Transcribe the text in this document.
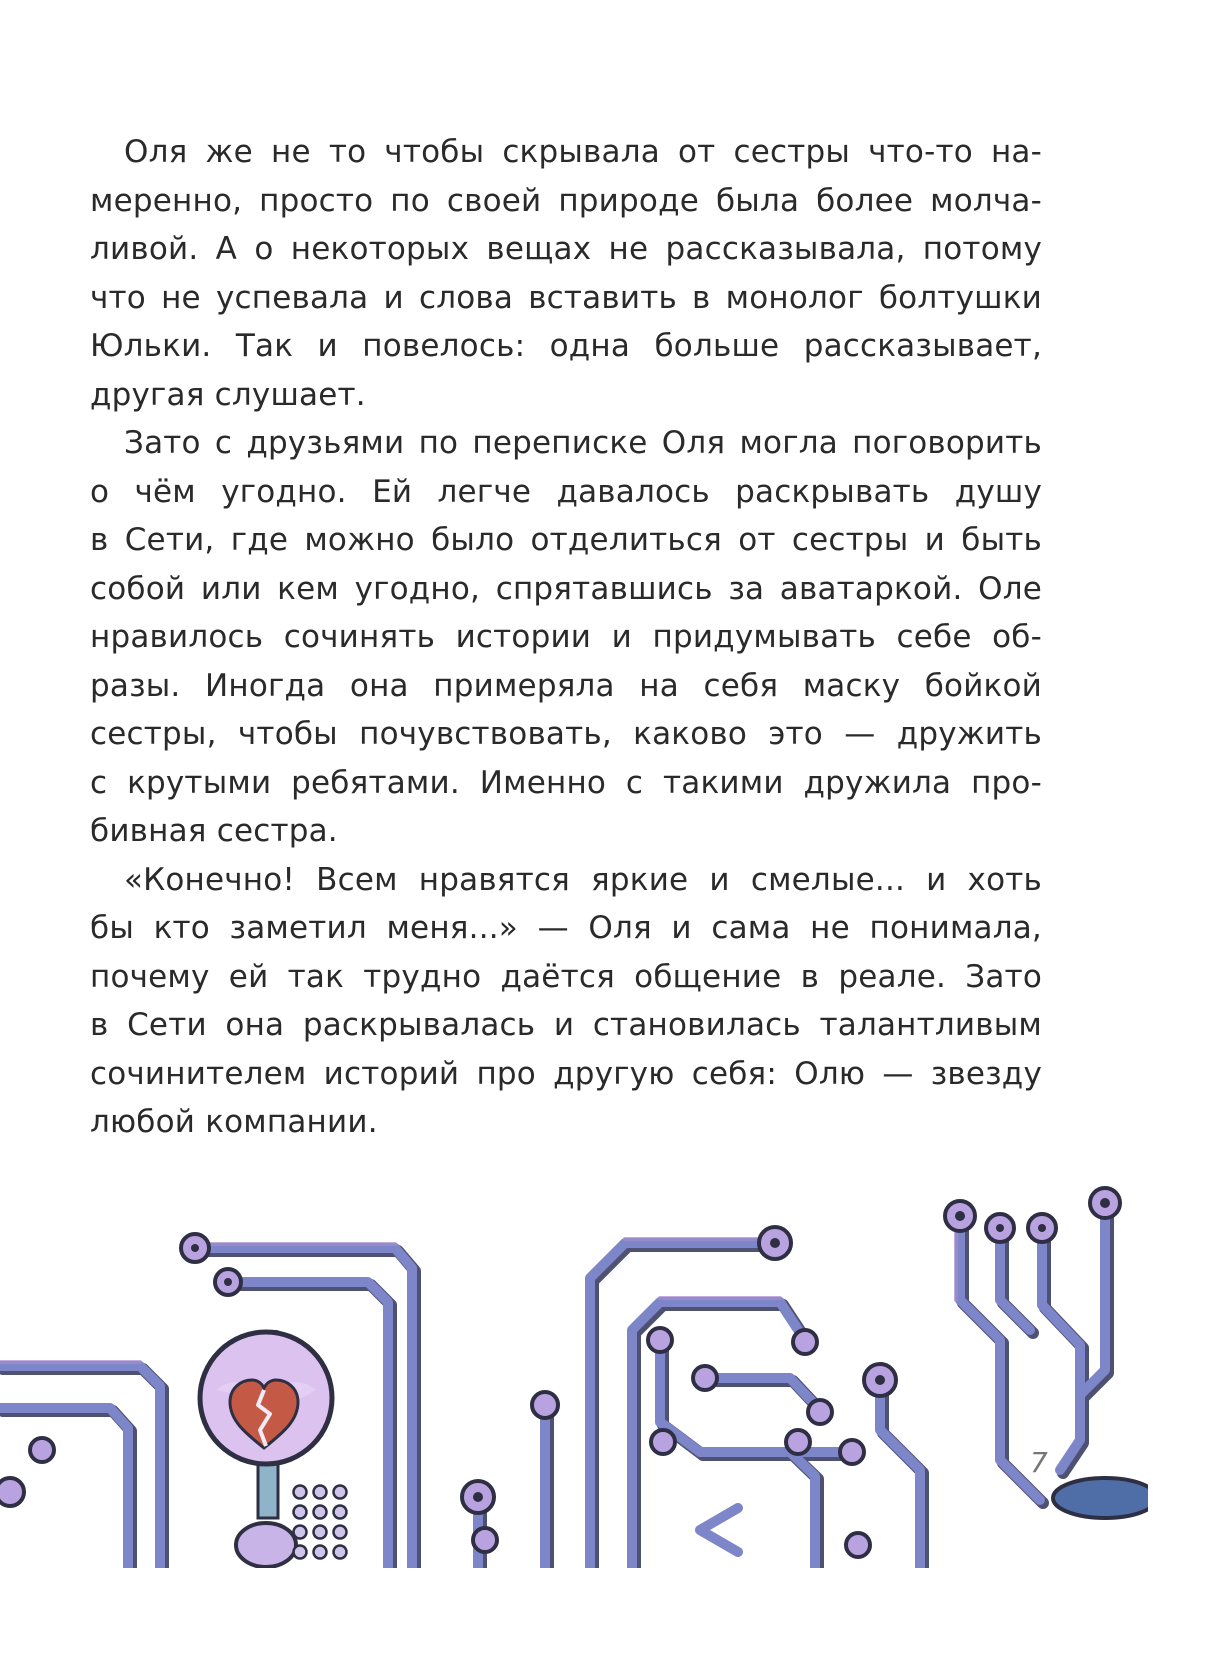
Оля же не то чтобы скрывала от сестры что-то на-
меренно, просто по своей природе была более молча-
ливой. А о некоторых вещах не рассказывала, потому
что не успевала и слова вставить в монолог болтушки
Юльки. Так и повелось: одна больше рассказывает,
другая слушает.
Зато с друзьями по переписке Оля могла поговорить
о чём угодно. Ей легче давалось раскрывать душу
в Сети, где можно было отделиться от сестры и быть
собой или кем угодно, спрятавшись за аватаркой. Оле
нравилось сочинять истории и придумывать себе об-
разы. Иногда она примеряла на себя маску бойкой
сестры, чтобы почувствовать, каково это — дружить
с крутыми ребятами. Именно с такими дружила про-
бивная сестра.
«Конечно! Всем нравятся яркие и смелые... и хоть
бы кто заметил меня...» — Оля и сама не понимала,
почему ей так трудно даётся общение в реале. Зато
в Сети она раскрывалась и становилась талантливым
сочинителем историй про другую себя: Олю — звезду
любой компании.
7
